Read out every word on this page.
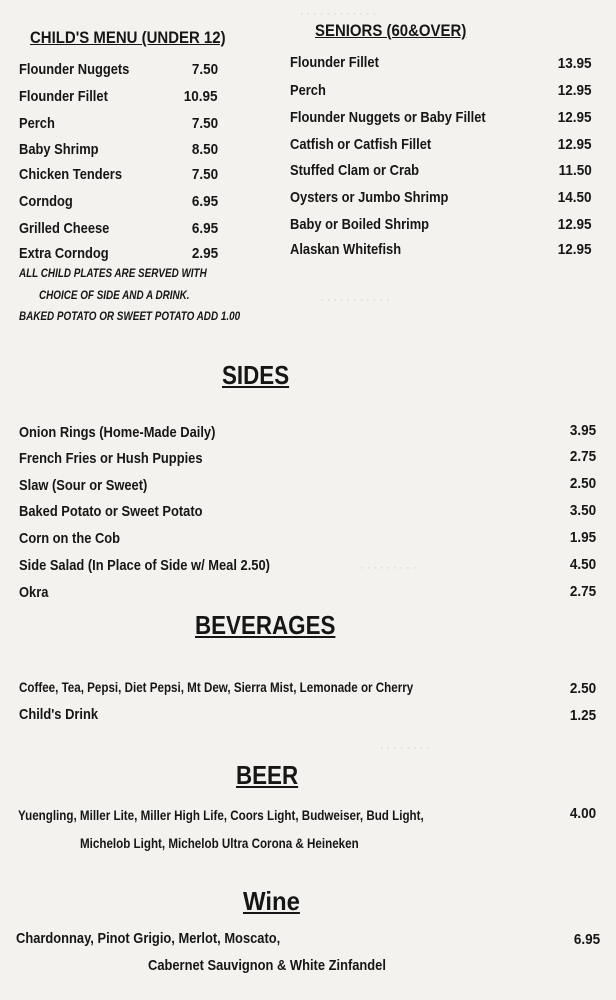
· · · · · · · · · · · ·
· · · · · · · · · · ·
· · · · · · · · ·
· · · · · · · ·
CHILD'S MENU (UNDER 12)
Flounder Nuggets	7.50
Flounder Fillet	10.95
Perch	7.50
Baby Shrimp	8.50
Chicken Tenders	7.50
Corndog	6.95
Grilled Cheese	6.95
Extra Corndog	2.95
ALL CHILD PLATES ARE SERVED WITH
CHOICE OF SIDE AND A DRINK.
BAKED POTATO OR SWEET POTATO ADD 1.00
SENIORS (60&OVER)
Flounder Fillet	13.95
Perch	12.95
Flounder Nuggets or Baby Fillet	12.95
Catfish or Catfish Fillet	12.95
Stuffed Clam or Crab	11.50
Oysters or Jumbo Shrimp	14.50
Baby or Boiled Shrimp	12.95
Alaskan Whitefish	12.95
SIDES
Onion Rings (Home-Made Daily)	3.95
French Fries or Hush Puppies	2.75
Slaw (Sour or Sweet)	2.50
Baked Potato or Sweet Potato	3.50
Corn on the Cob	1.95
Side Salad (In Place of Side w/ Meal 2.50)	4.50
Okra	2.75
BEVERAGES
Coffee, Tea, Pepsi, Diet Pepsi, Mt Dew, Sierra Mist, Lemonade or Cherry	2.50
Child's Drink	1.25
BEER
Yuengling, Miller Lite, Miller High Life, Coors Light, Budweiser, Bud Light,	4.00
Michelob Light, Michelob Ultra Corona & Heineken
Wine
Chardonnay, Pinot Grigio, Merlot, Moscato,	6.95
Cabernet Sauvignon & White Zinfandel
